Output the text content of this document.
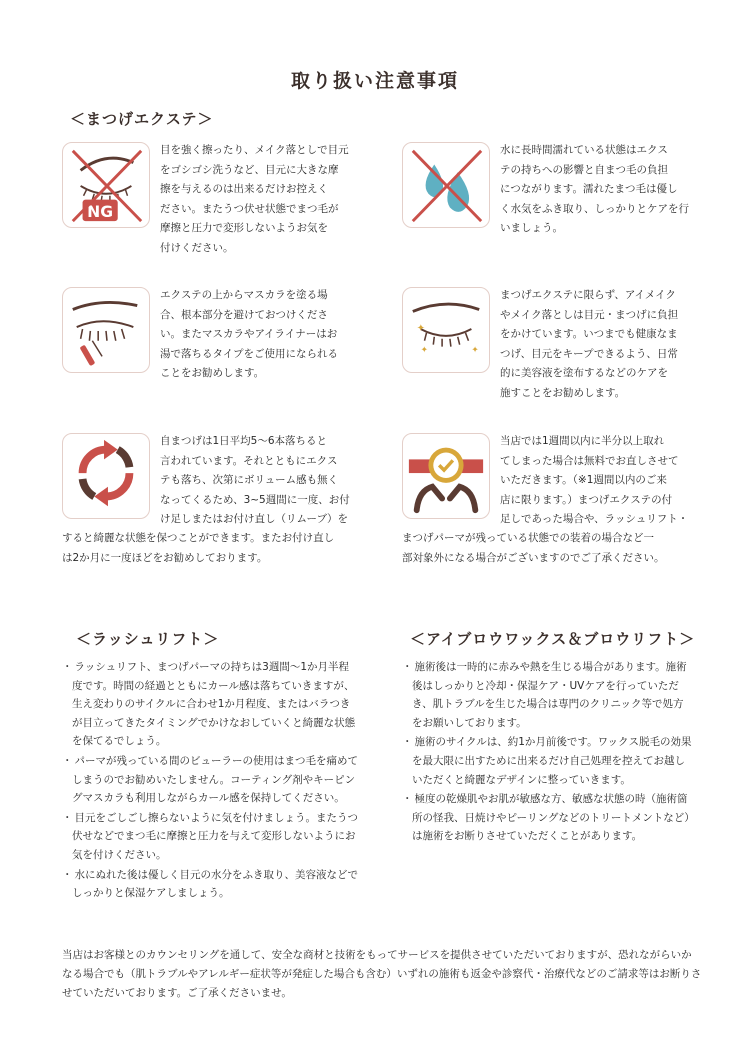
取り扱い注意事項
＜まつげエクステ＞
NG
目を強く擦ったり、メイク落としで目元
をゴシゴシ洗うなど、目元に大きな摩
擦を与えるのは出来るだけお控えく
ださい。またうつ伏せ状態でまつ毛が
摩擦と圧力で変形しないようお気を
付けください。
水に長時間濡れている状態はエクス
テの持ちへの影響と自まつ毛の負担
につながります。濡れたまつ毛は優し
く水気をふき取り、しっかりとケアを行
いましょう。
エクステの上からマスカラを塗る場
合、根本部分を避けておつけくださ
い。またマスカラやアイライナーはお
湯で落ちるタイプをご使用になられる
ことをお勧めします。
✦
✦	✦
まつげエクステに限らず、アイメイク
やメイク落としは目元・まつげに負担
をかけています。いつまでも健康なま
つげ、目元をキープできるよう、日常
的に美容液を塗布するなどのケアを
施すことをお勧めします。
自まつげは1日平均5～6本落ちると
言われています。それとともにエクス
テも落ち、次第にボリューム感も無く
なってくるため、3~5週間に一度、お付
け足しまたはお付け直し（リムーブ）を
すると綺麗な状態を保つことができます。またお付け直し
は2か月に一度ほどをお勧めしております。
当店では1週間以内に半分以上取れ
てしまった場合は無料でお直しさせて
いただきます。（※1週間以内のご来
店に限ります。）まつげエクステの付
足しであった場合や、ラッシュリフト・
まつげパーマが残っている状態での装着の場合など一
部対象外になる場合がございますのでご了承ください。
＜ラッシュリフト＞
・ ラッシュリフト、まつげパーマの持ちは3週間～1か月半程度です。時間の経過とともにカール感は落ちていきますが、生え変わりのサイクルに合わせ1か月程度、またはバラつきが目立ってきたタイミングでかけなおしていくと綺麗な状態を保てるでしょう。
・ パーマが残っている間のビューラーの使用はまつ毛を痛めてしまうのでお勧めいたしません。コーティング剤やキーピングマスカラも利用しながらカール感を保持してください。
・ 目元をごしごし擦らないように気を付けましょう。またうつ伏せなどでまつ毛に摩擦と圧力を与えて変形しないようにお気を付けください。
・ 水にぬれた後は優しく目元の水分をふき取り、美容液などでしっかりと保湿ケアしましょう。
＜アイブロウワックス＆ブロウリフト＞
・ 施術後は一時的に赤みや熱を生じる場合があります。施術後はしっかりと冷却・保湿ケア・UVケアを行っていただき、肌トラブルを生じた場合は専門のクリニック等で処方をお願いしております。
・ 施術のサイクルは、約1か月前後です。ワックス脱毛の効果を最大限に出すために出来るだけ自己処理を控えてお越しいただくと綺麗なデザインに整っていきます。
・ 極度の乾燥肌やお肌が敏感な方、敏感な状態の時（施術箇所の怪我、日焼けやピーリングなどのトリートメントなど）は施術をお断りさせていただくことがあります。
当店はお客様とのカウンセリングを通して、安全な商材と技術をもってサービスを提供させていただいておりますが、恐れながらいかなる場合でも（肌トラブルやアレルギー症状等が発症した場合も含む）いずれの施術も返金や診察代・治療代などのご請求等はお断りさせていただいております。ご了承くださいませ。
